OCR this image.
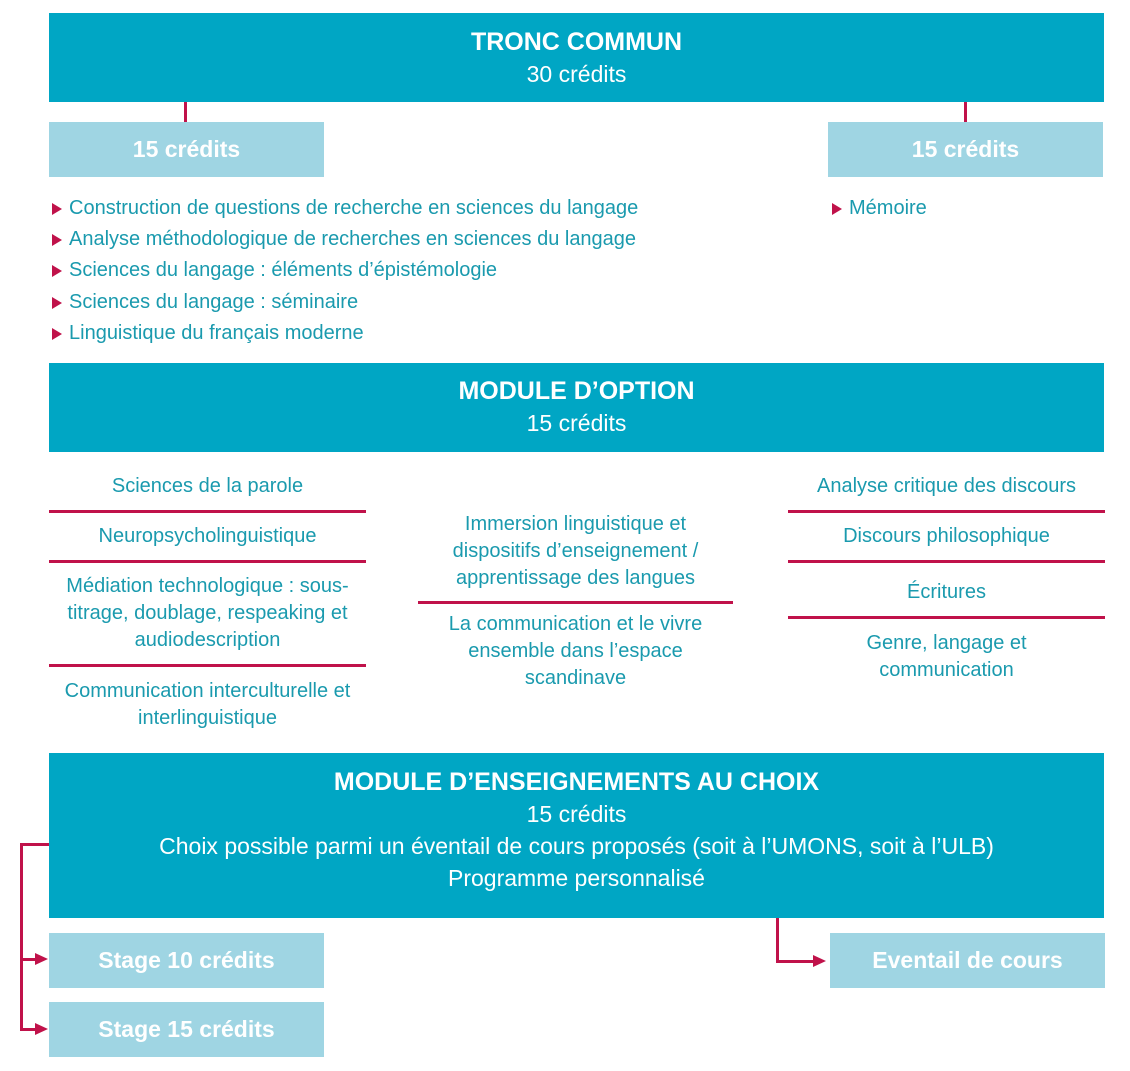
TRONC COMMUN
30 crédits
15 crédits	15 crédits
Construction de questions de recherche en sciences du langage
Analyse méthodologique de recherches en sciences du langage
Sciences du langage : éléments d’épistémologie
Sciences du langage : séminaire
Linguistique du français moderne
Mémoire
MODULE D’OPTION
15 crédits
Sciences de la parole
Neuropsycholinguistique
Médiation technologique : sous-titrage, doublage, respeaking et audiodescription
Communication interculturelle et interlinguistique
Immersion linguistique et dispositifs d’enseignement / apprentissage des langues
La communication et le vivre ensemble dans l’espace scandinave
Analyse critique des discours
Discours philosophique
Écritures
Genre, langage et communication
MODULE D’ENSEIGNEMENTS AU CHOIX
15 crédits
Choix possible parmi un éventail de cours proposés (soit à l’UMONS, soit à l’ULB)
Programme personnalisé
Stage 10 crédits
Stage 15 crédits
Eventail de cours
